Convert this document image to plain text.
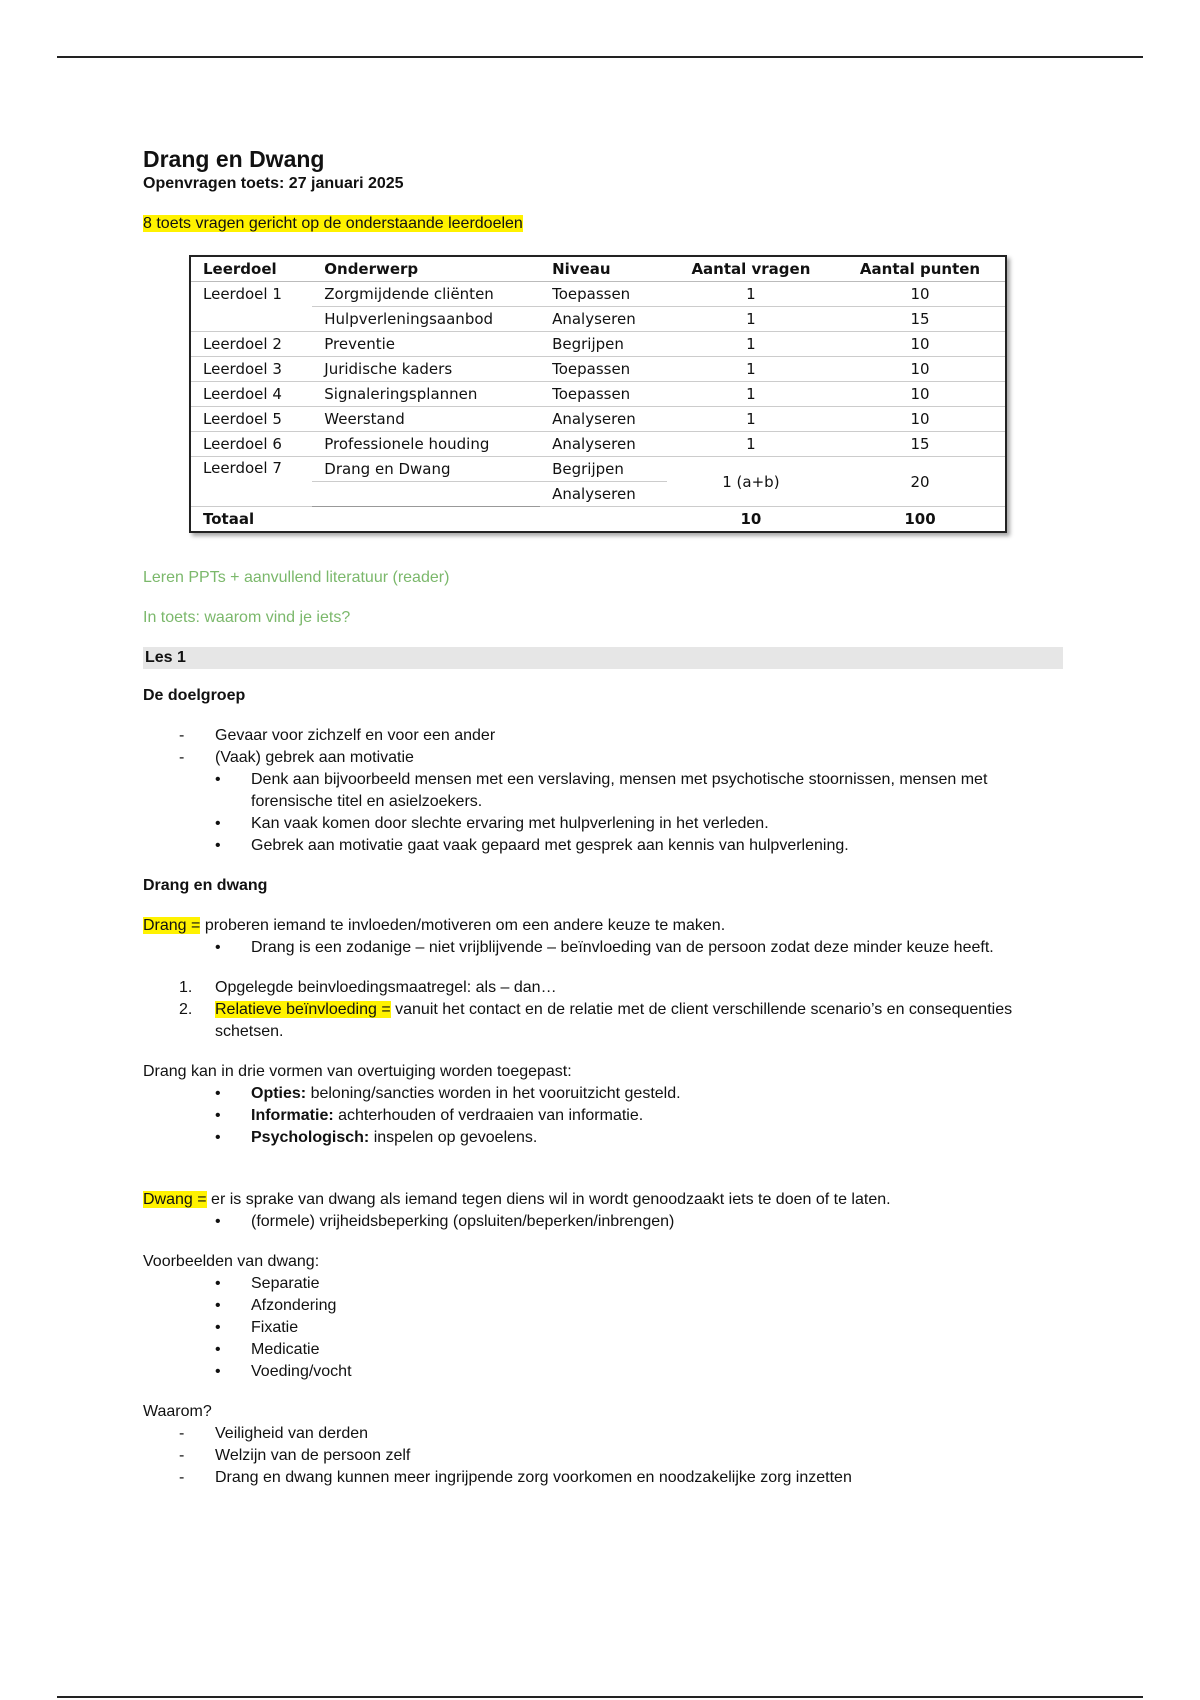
Drang en Dwang

Openvragen toets: 27 januari 2025

8 toets vragen gericht op de onderstaande leerdoelen

Leerdoel	Onderwerp	Niveau	Aantal vragen	Aantal punten
Leerdoel 1	Zorgmijdende cliënten	Toepassen	1	10
	Hulpverleningsaanbod	Analyseren	1	15
Leerdoel 2	Preventie	Begrijpen	1	10
Leerdoel 3	Juridische kaders	Toepassen	1	10
Leerdoel 4	Signaleringsplannen	Toepassen	1	10
Leerdoel 5	Weerstand	Analyseren	1	10
Leerdoel 6	Professionele houding	Analyseren	1	15
Leerdoel 7	Drang en Dwang	Begrijpen	1 (a+b)	20
		Analyseren		
Totaal			10	100

Leren PPTs + aanvullend literatuur (reader)

In toets: waarom vind je iets?

Les 1

De doelgroep

- Gevaar voor zichzelf en voor een ander
- (Vaak) gebrek aan motivatie
• Denk aan bijvoorbeeld mensen met een verslaving, mensen met psychotische stoornissen, mensen met forensische titel en asielzoekers.
• Kan vaak komen door slechte ervaring met hulpverlening in het verleden.
• Gebrek aan motivatie gaat vaak gepaard met gesprek aan kennis van hulpverlening.

Drang en dwang

Drang = proberen iemand te invloeden/motiveren om een andere keuze te maken.

• Drang is een zodanige – niet vrijblijvende – beïnvloeding van de persoon zodat deze minder keuze heeft.
1. Opgelegde beinvloedingsmaatregel: als – dan…
2. Relatieve beïnvloeding = vanuit het contact en de relatie met de client verschillende scenario’s en consequenties schetsen.

Drang kan in drie vormen van overtuiging worden toegepast:

• Opties: beloning/sancties worden in het vooruitzicht gesteld.
• Informatie: achterhouden of verdraaien van informatie.
• Psychologisch: inspelen op gevoelens.

Dwang = er is sprake van dwang als iemand tegen diens wil in wordt genoodzaakt iets te doen of te laten.

• (formele) vrijheidsbeperking (opsluiten/beperken/inbrengen)

Voorbeelden van dwang:

• Separatie
• Afzondering
• Fixatie
• Medicatie
• Voeding/vocht

Waarom?

- Veiligheid van derden
- Welzijn van de persoon zelf
- Drang en dwang kunnen meer ingrijpende zorg voorkomen en noodzakelijke zorg inzetten
